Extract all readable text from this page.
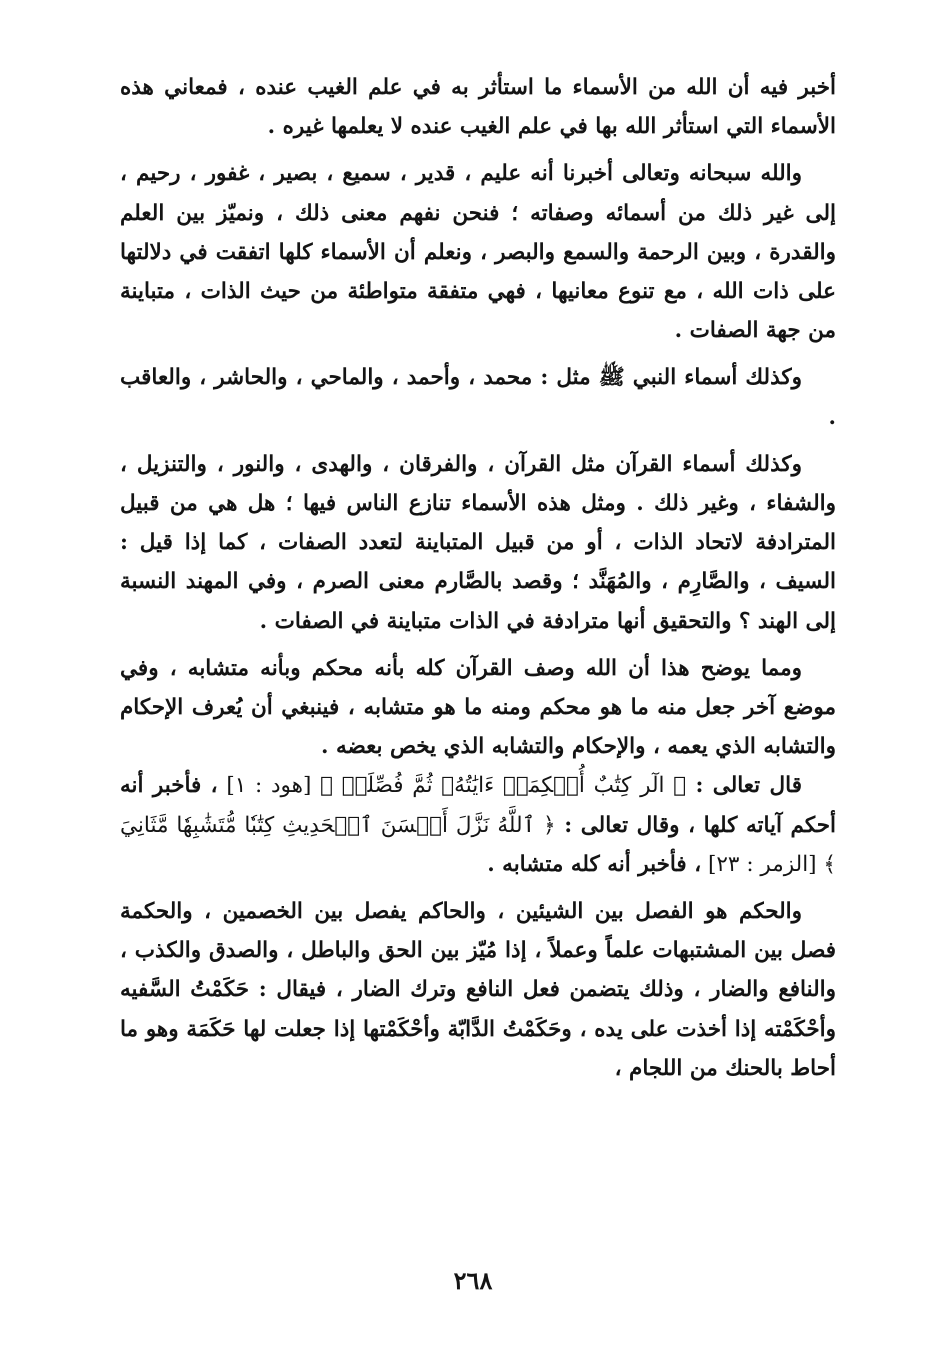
أخبر فيه أن الله من الأسماء ما استأثر به في علم الغيب عنده ، فمعاني هذه الأسماء التي استأثر الله بها في علم الغيب عنده لا يعلمها غيره .

والله سبحانه وتعالى أخبرنا أنه عليم ، قدير ، سميع ، بصير ، غفور ، رحيم ، إلى غير ذلك من أسمائه وصفاته ؛ فنحن نفهم معنى ذلك ، ونميّز بين العلم والقدرة ، وبين الرحمة والسمع والبصر ، ونعلم أن الأسماء كلها اتفقت في دلالتها على ذات الله ، مع تنوع معانيها ، فهي متفقة متواطئة من حيث الذات ، متباينة من جهة الصفات .

وكذلك أسماء النبي ﷺ مثل : محمد ، وأحمد ، والماحي ، والحاشر ، والعاقب .

وكذلك أسماء القرآن مثل القرآن ، والفرقان ، والهدى ، والنور ، والتنزيل ، والشفاء ، وغير ذلك . ومثل هذه الأسماء تنازع الناس فيها ؛ هل هي من قبيل المترادفة لاتحاد الذات ، أو من قبيل المتباينة لتعدد الصفات ، كما إذا قيل : السيف ، والصَّارِم ، والمُهَنَّد ؛ وقصد بالصَّارم معنى الصرم ، وفي المهند النسبة إلى الهند ؟ والتحقيق أنها مترادفة في الذات متباينة في الصفات .

ومما يوضح هذا أن الله وصف القرآن كله بأنه محكم وبأنه متشابه ، وفي موضع آخر جعل منه ما هو محكم ومنه ما هو متشابه ، فينبغي أن يُعرف الإحكام والتشابه الذي يعمه ، والإحكام والتشابه الذي يخص بعضه .

قال تعالى : ﴿ الٓر كِتَٰبٌ أُحۡكِمَتۡ ءَايَٰتُهُۥ ثُمَّ فُصِّلَتۡ ﴾ [هود : ١] ، فأخبر أنه أحكم آياته كلها ، وقال تعالى : ﴿ ٱللَّهُ نَزَّلَ أَحۡسَنَ ٱلۡحَدِيثِ كِتَٰبٗا مُّتَشَٰبِهٗا مَّثَانِيَ ﴾ [الزمر : ٢٣] ، فأخبر أنه كله متشابه .

والحكم هو الفصل بين الشيئين ، والحاكم يفصل بين الخصمين ، والحكمة فصل بين المشتبهات علماً وعملاً ، إذا مُيّز بين الحق والباطل ، والصدق والكذب ، والنافع والضار ، وذلك يتضمن فعل النافع وترك الضار ، فيقال : حَكَمْتُ السَّفيه وأحْكَمْته إذا أخذت على يده ، وحَكَمْتُ الدَّابّة وأحْكَمْتها إذا جعلت لها حَكَمَة وهو ما أحاط بالحنك من اللجام ،

٢٦٨
